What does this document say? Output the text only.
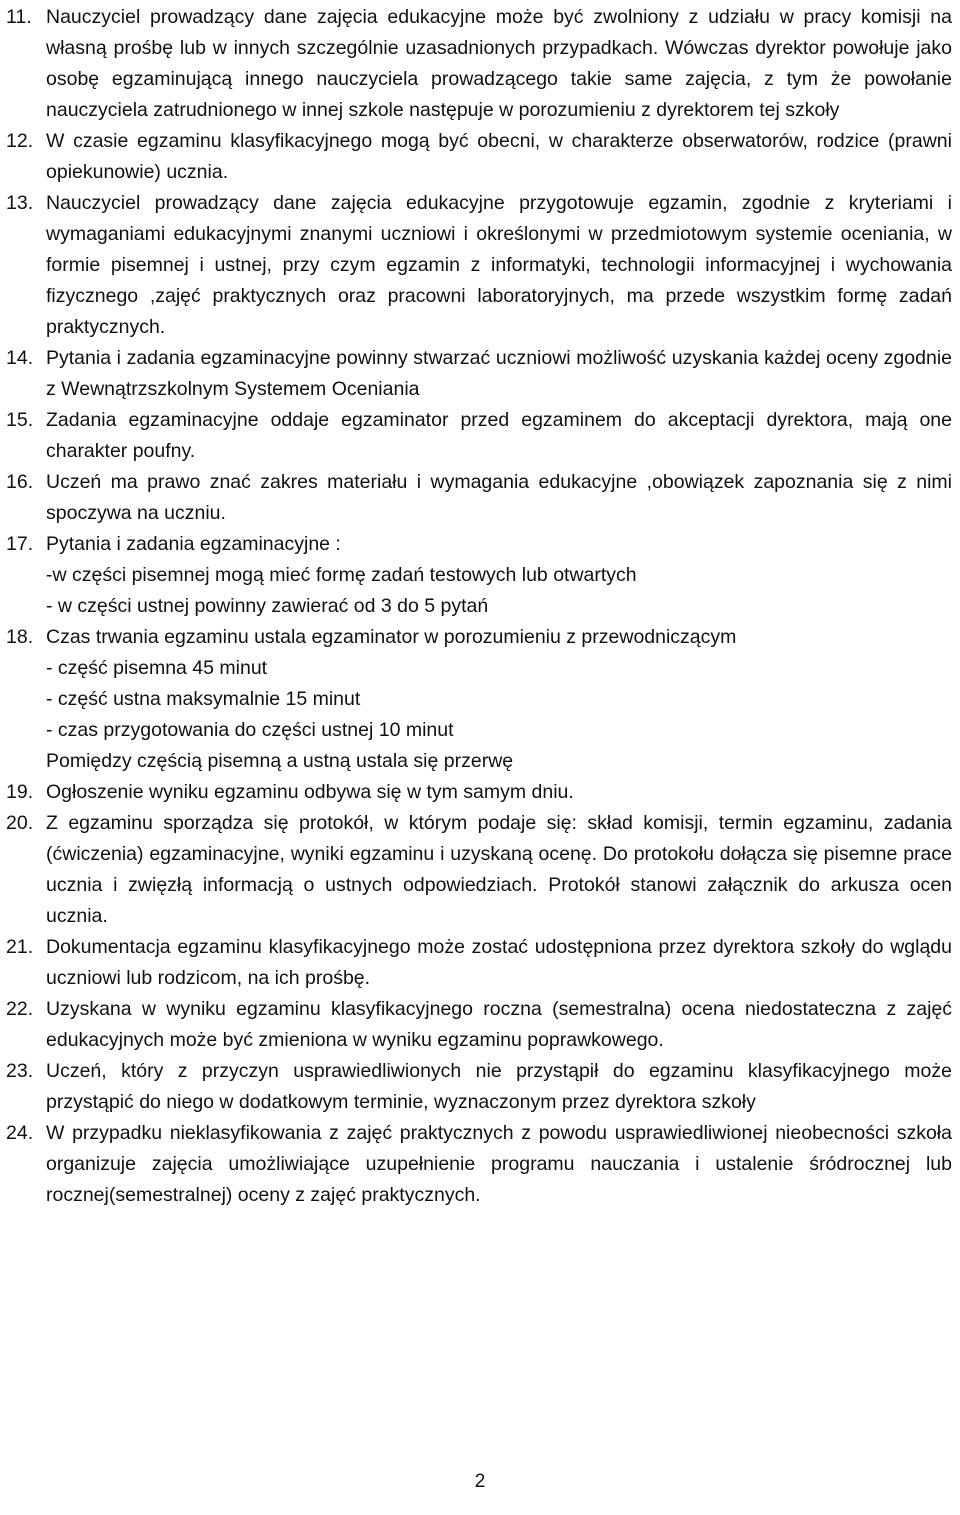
11. Nauczyciel prowadzący dane zajęcia edukacyjne może być zwolniony z udziału w pracy komisji na własną prośbę lub w innych szczególnie uzasadnionych przypadkach. Wówczas dyrektor powołuje jako osobę egzaminującą innego nauczyciela prowadzącego takie same zajęcia, z tym że powołanie nauczyciela zatrudnionego w innej szkole następuje w porozumieniu z dyrektorem tej szkoły
12. W czasie egzaminu klasyfikacyjnego mogą być obecni, w charakterze obserwatorów, rodzice (prawni opiekunowie) ucznia.
13. Nauczyciel prowadzący dane zajęcia edukacyjne przygotowuje egzamin, zgodnie z kryteriami i wymaganiami edukacyjnymi znanymi uczniowi i określonymi w przedmiotowym systemie oceniania, w formie pisemnej i ustnej, przy czym egzamin z informatyki, technologii informacyjnej i wychowania fizycznego ,zajęć praktycznych oraz pracowni laboratoryjnych, ma przede wszystkim formę zadań praktycznych.
14. Pytania i zadania egzaminacyjne powinny stwarzać uczniowi możliwość uzyskania każdej oceny zgodnie z Wewnątrzszkolnym Systemem Oceniania
15. Zadania egzaminacyjne oddaje egzaminator przed egzaminem do akceptacji dyrektora, mają one charakter poufny.
16. Uczeń ma prawo znać zakres materiału i wymagania edukacyjne ,obowiązek zapoznania się z nimi spoczywa na uczniu.
17. Pytania i zadania egzaminacyjne :
-w części pisemnej mogą mieć formę zadań testowych lub otwartych
- w części ustnej powinny zawierać od 3 do 5 pytań
18. Czas trwania egzaminu ustala egzaminator w porozumieniu z przewodniczącym
- część pisemna 45 minut
- część ustna maksymalnie 15 minut
- czas przygotowania do części ustnej 10 minut
Pomiędzy częścią pisemną a ustną ustala się przerwę
19. Ogłoszenie wyniku egzaminu odbywa się w tym samym dniu.
20. Z egzaminu sporządza się protokół, w którym podaje się: skład komisji, termin egzaminu, zadania (ćwiczenia) egzaminacyjne, wyniki egzaminu i uzyskaną ocenę. Do protokołu dołącza się pisemne prace ucznia i zwięzłą informacją o ustnych odpowiedziach. Protokół stanowi załącznik do arkusza ocen ucznia.
21. Dokumentacja egzaminu klasyfikacyjnego może zostać udostępniona przez dyrektora szkoły do wglądu uczniowi lub rodzicom, na ich prośbę.
22. Uzyskana w wyniku egzaminu klasyfikacyjnego roczna (semestralna) ocena niedostateczna z zajęć edukacyjnych może być zmieniona w wyniku egzaminu poprawkowego.
23. Uczeń, który z przyczyn usprawiedliwionych nie przystąpił do egzaminu klasyfikacyjnego może przystąpić do niego w dodatkowym terminie, wyznaczonym przez dyrektora szkoły
24. W przypadku nieklasyfikowania z zajęć praktycznych z powodu usprawiedliwionej nieobecności szkoła organizuje zajęcia umożliwiające uzupełnienie programu nauczania i ustalenie śródrocznej lub rocznej(semestralnej) oceny z zajęć praktycznych.
2
